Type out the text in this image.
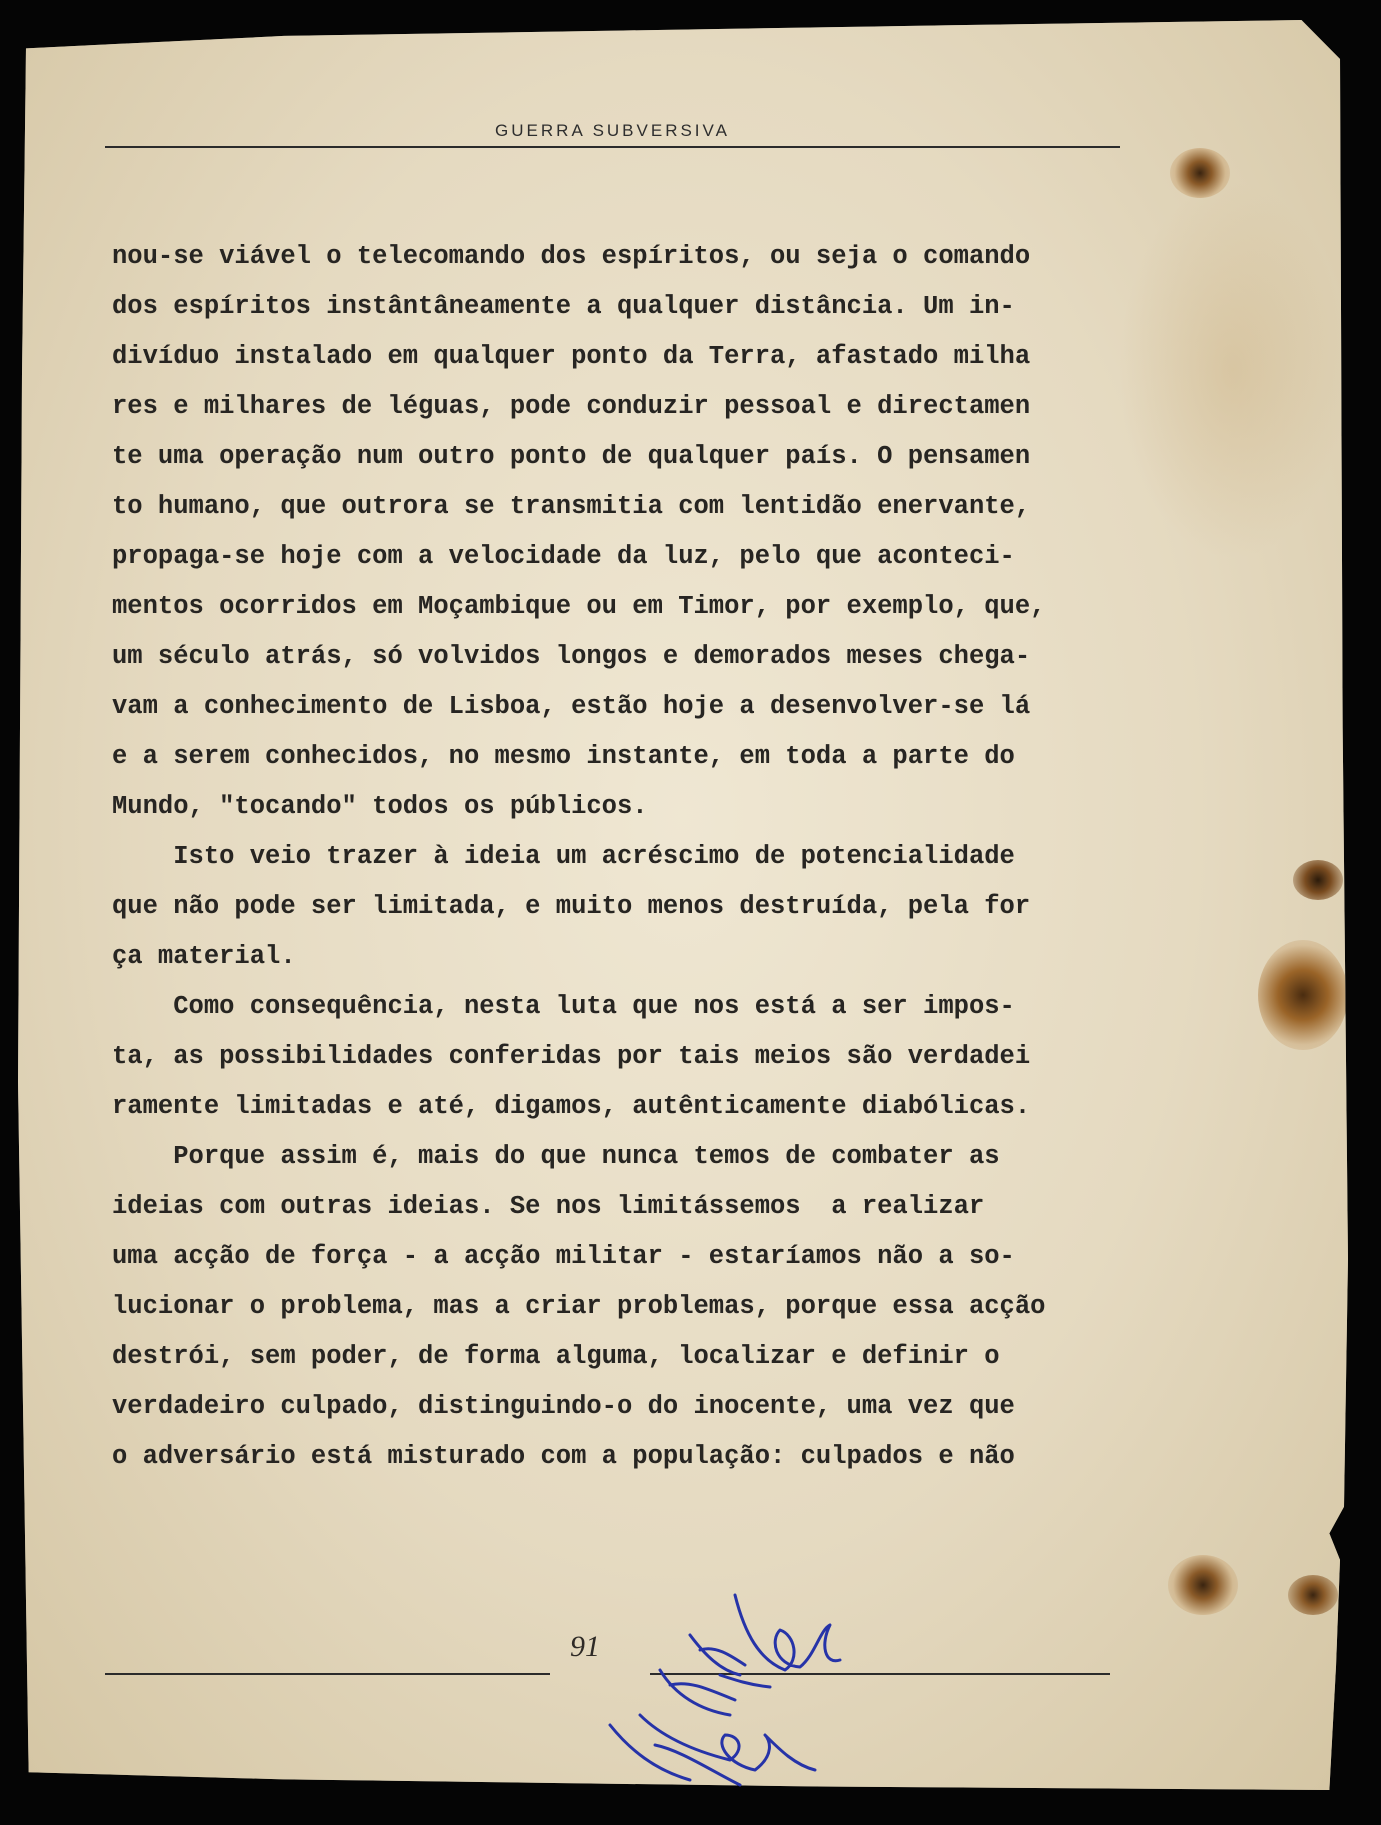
GUERRA SUBVERSIVA
nou-se viável o telecomando dos espíritos, ou seja o comando
dos espíritos instântâneamente a qualquer distância. Um in-
divíduo instalado em qualquer ponto da Terra, afastado milha
res e milhares de léguas, pode conduzir pessoal e directamen
te uma operação num outro ponto de qualquer país. O pensamen
to humano, que outrora se transmitia com lentidão enervante,
propaga-se hoje com a velocidade da luz, pelo que aconteci-
mentos ocorridos em Moçambique ou em Timor, por exemplo, que,
um século atrás, só volvidos longos e demorados meses chega-
vam a conhecimento de Lisboa, estão hoje a desenvolver-se lá
e a serem conhecidos, no mesmo instante, em toda a parte do
Mundo, "tocando" todos os públicos.
Isto veio trazer à ideia um acréscimo de potencialidade
que não pode ser limitada, e muito menos destruída, pela for
ça material.
Como consequência, nesta luta que nos está a ser impos-
ta, as possibilidades conferidas por tais meios são verdadei
ramente limitadas e até, digamos, autênticamente diabólicas.
Porque assim é, mais do que nunca temos de combater as
ideias com outras ideias. Se nos limitássemos  a realizar
uma acção de força - a acção militar - estaríamos não a so-
lucionar o problema, mas a criar problemas, porque essa acção
destrói, sem poder, de forma alguma, localizar e definir o
verdadeiro culpado, distinguindo-o do inocente, uma vez que
o adversário está misturado com a população: culpados e não
91
